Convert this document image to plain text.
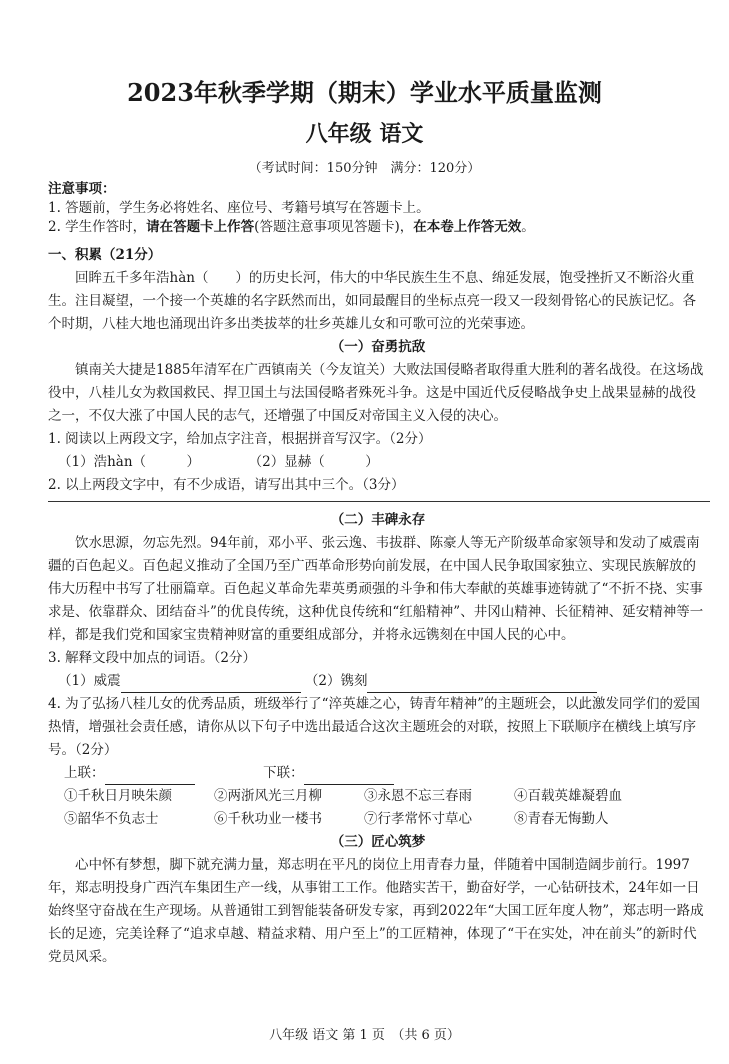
2023年秋季学期（期末）学业水平质量监测
八年级 语文
（考试时间：150分钟　满分：120分）
注意事项：
1. 答题前，学生务必将姓名、座位号、考籍号填写在答题卡上。
2. 学生作答时，请在答题卡上作答(答题注意事项见答题卡)，在本卷上作答无效。
一、积累（21分）
回眸五千多年浩hàn（　　）的历史长河，伟大的中华民族生生不息、绵延发展，饱受挫折又不断浴火重生。注目凝望，一个接一个英雄的名字跃然而出，如同最醒目的坐标点亮一段又一段刻骨铭心的民族记忆。各个时期，八桂大地也涌现出许多出类拔萃的壮乡英雄儿女和可歌可泣的光荣事迹。
（一）奋勇抗敌
镇南关大捷是1885年清军在广西镇南关（今友谊关）大败法国侵略者取得重大胜利的著名战役。在这场战役中，八桂儿女为救国救民、捍卫国土与法国侵略者殊死斗争。这是中国近代反侵略战争史上战果显赫的战役之一，不仅大涨了中国人民的志气，还增强了中国反对帝国主义入侵的决心。
1. 阅读以上两段文字，给加点字注音，根据拼音写汉字。（2分）
（1）浩hàn（　　　）	（2）显赫（　　　）
2. 以上两段文字中，有不少成语，请写出其中三个。（3分）
（二）丰碑永存
饮水思源，勿忘先烈。94年前，邓小平、张云逸、韦拔群、陈豪人等无产阶级革命家领导和发动了威震南疆的百色起义。百色起义推动了全国乃至广西革命形势向前发展，在中国人民争取国家独立、实现民族解放的伟大历程中书写了壮丽篇章。百色起义革命先辈英勇顽强的斗争和伟大奉献的英雄事迹铸就了“不折不挠、实事求是、依靠群众、团结奋斗”的优良传统，这种优良传统和“红船精神”、井冈山精神、长征精神、延安精神等一样，都是我们党和国家宝贵精神财富的重要组成部分，并将永远镌刻在中国人民的心中。
3. 解释文段中加点的词语。（2分）
（1）威震	（2）镌刻
4. 为了弘扬八桂儿女的优秀品质，班级举行了“淬英雄之心，铸青年精神”的主题班会，以此激发同学们的爱国热情，增强社会责任感，请你从以下句子中选出最适合这次主题班会的对联，按照上下联顺序在横线上填写序号。（2分）
上联：	下联：
①千秋日月映朱颜	②两浙风光三月柳	③永恩不忘三春雨	④百载英雄凝碧血
⑤韶华不负志士	⑥千秋功业一楼书	⑦行孝常怀寸草心	⑧青春无悔勤人
（三）匠心筑梦
心中怀有梦想，脚下就充满力量，郑志明在平凡的岗位上用青春力量，伴随着中国制造阔步前行。1997年，郑志明投身广西汽车集团生产一线，从事钳工工作。他踏实苦干，勤奋好学，一心钻研技术，24年如一日始终坚守奋战在生产现场。从普通钳工到智能装备研发专家，再到2022年“大国工匠年度人物”，郑志明一路成长的足迹，完美诠释了“追求卓越、精益求精、用户至上”的工匠精神，体现了“干在实处，冲在前头”的新时代党员风采。
八年级 语文 第 1 页　（共 6 页）
